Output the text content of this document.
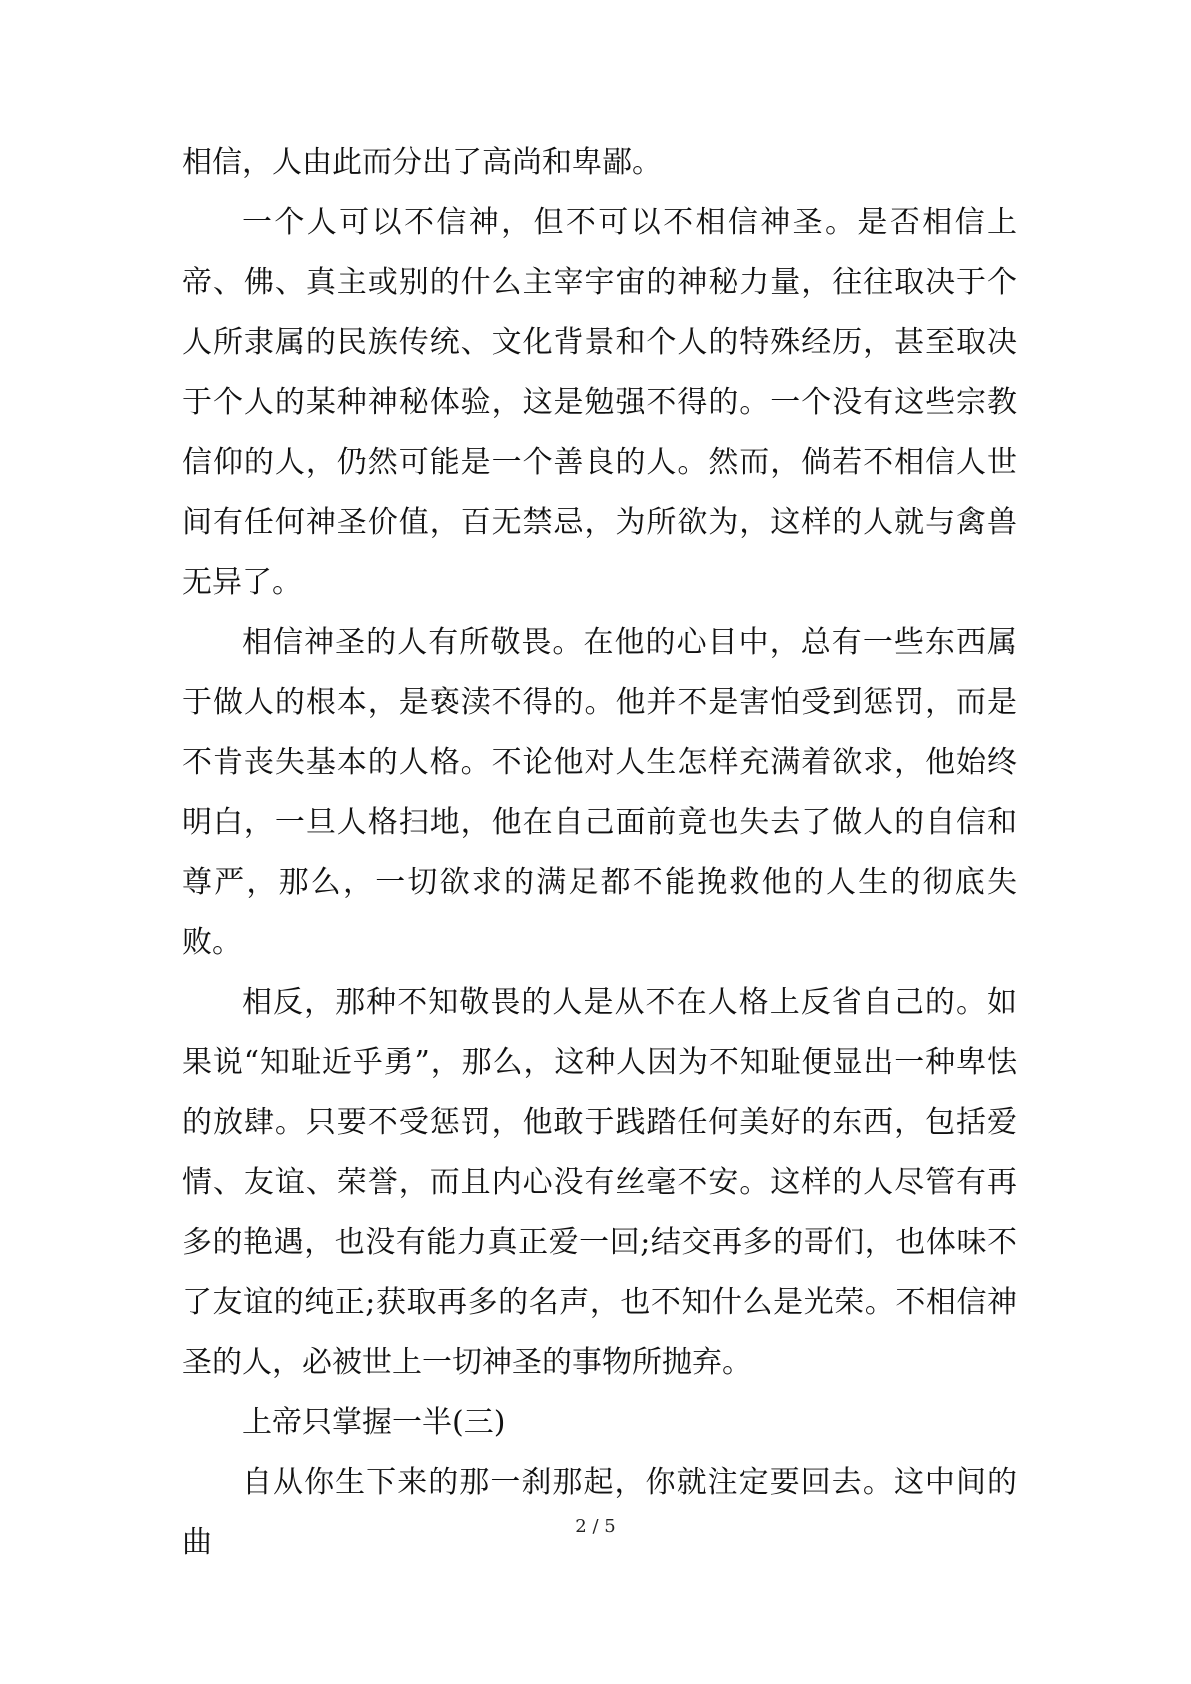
相信，人由此而分出了高尚和卑鄙。

一个人可以不信神，但不可以不相信神圣。是否相信上帝、佛、真主或别的什么主宰宇宙的神秘力量，往往取决于个人所隶属的民族传统、文化背景和个人的特殊经历，甚至取决于个人的某种神秘体验，这是勉强不得的。一个没有这些宗教信仰的人，仍然可能是一个善良的人。然而，倘若不相信人世间有任何神圣价值，百无禁忌，为所欲为，这样的人就与禽兽无异了。

相信神圣的人有所敬畏。在他的心目中，总有一些东西属于做人的根本，是亵渎不得的。他并不是害怕受到惩罚，而是不肯丧失基本的人格。不论他对人生怎样充满着欲求，他始终明白，一旦人格扫地，他在自己面前竟也失去了做人的自信和尊严，那么，一切欲求的满足都不能挽救他的人生的彻底失败。

相反，那种不知敬畏的人是从不在人格上反省自己的。如果说“知耻近乎勇”，那么，这种人因为不知耻便显出一种卑怯的放肆。只要不受惩罚，他敢于践踏任何美好的东西，包括爱情、友谊、荣誉，而且内心没有丝毫不安。这样的人尽管有再多的艳遇，也没有能力真正爱一回;结交再多的哥们，也体味不了友谊的纯正;获取再多的名声，也不知什么是光荣。不相信神圣的人，必被世上一切神圣的事物所抛弃。

上帝只掌握一半(三)

自从你生下来的那一刹那起，你就注定要回去。这中间的曲	2 / 5
